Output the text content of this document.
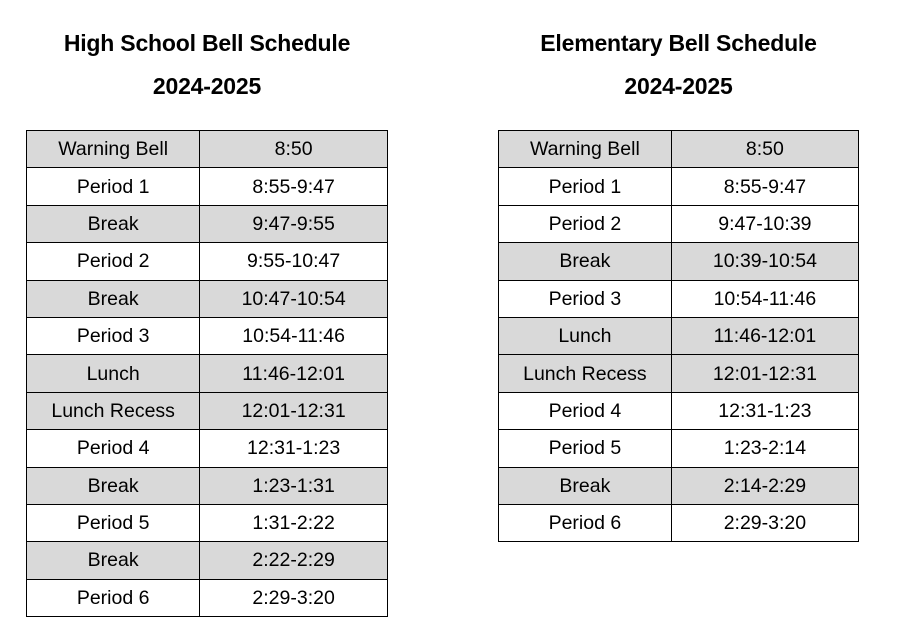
High School Bell Schedule
2024-2025
Warning Bell	8:50
Period 1	8:55-9:47
Break	9:47-9:55
Period 2	9:55-10:47
Break	10:47-10:54
Period 3	10:54-11:46
Lunch	11:46-12:01
Lunch Recess	12:01-12:31
Period 4	12:31-1:23
Break	1:23-1:31
Period 5	1:31-2:22
Break	2:22-2:29
Period 6	2:29-3:20
Elementary Bell Schedule
2024-2025
Warning Bell	8:50
Period 1	8:55-9:47
Period 2	9:47-10:39
Break	10:39-10:54
Period 3	10:54-11:46
Lunch	11:46-12:01
Lunch Recess	12:01-12:31
Period 4	12:31-1:23
Period 5	1:23-2:14
Break	2:14-2:29
Period 6	2:29-3:20
